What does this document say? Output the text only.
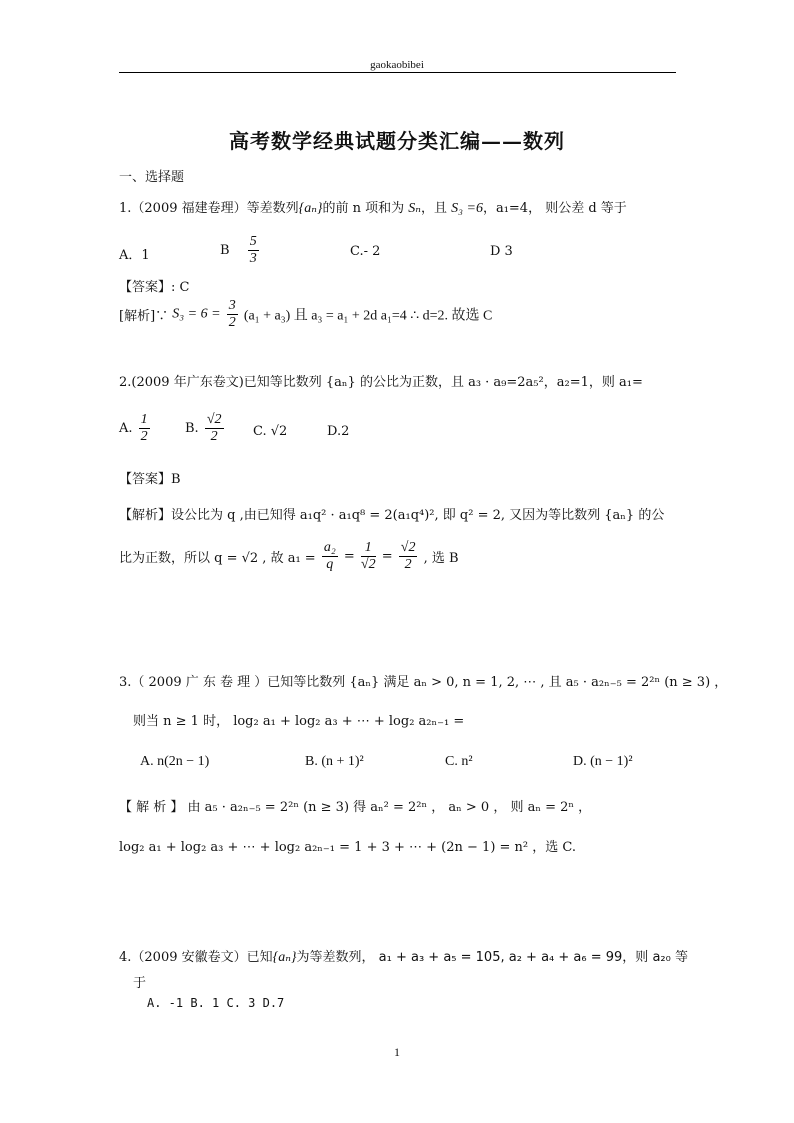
gaokaobibei
高考数学经典试题分类汇编——数列
一、选择题
1.（2009 福建卷理）等差数列{aₙ}的前 n 项和为 Sₙ，且 S₃ =6，a₁=4， 则公差 d 等于
A．1	B $\frac{5}{3}$	C.- 2	D 3
【答案】: C
[解析]∵ $S_3 = 6 = \frac{3}{2} (a_1 + a_3)$ 且 a₃ = a₁ + 2d a₁=4 ∴ d=2. 故选 C
2.(2009 年广东卷文)已知等比数列 {aₙ} 的公比为正数，且 a₃ · a₉=2a₅²，a₂=1，则 a₁=
A. $\frac{1}{2}$	B. $\frac{√2}{2} C$. √2	D.2
【答案】B
【解析】设公比为 q ,由已知得 a₁q² · a₁q⁸ = 2(a₁q⁴)², 即 q² = 2, 又因为等比数列 {aₙ} 的公
比为正数，所以 q = √2 , 故 $a_1 = \frac{\text{a₂}}{q} = \frac{1}{√2} = \frac{√2}{2}$ , 选 B
3.（ 2009 广 东 卷 理 ）已知等比数列 {aₙ} 满足 aₙ > 0, n = 1, 2, ⋯ , 且 a₅ · a₂ₙ₋₅ = 2²ⁿ (n ≥ 3) ，
则当 n ≥ 1 时， log₂ a₁ + log₂ a₃ + ⋯ + log₂ a₂ₙ₋₁ =
A. n(2n − 1)	B. (n + 1)²	C. n²	D. (n − 1)²
【 解 析 】 由 a₅ · a₂ₙ₋₅ = 2²ⁿ (n ≥ 3) 得 aₙ² = 2²ⁿ ， aₙ > 0 ， 则 aₙ = 2ⁿ ，
log₂ a₁ + log₂ a₃ + ⋯ + log₂ a₂ₙ₋₁ = 1 + 3 + ⋯ + (2n − 1) = n² ，选 C.
4.（2009 安徽卷文）已知{aₙ}为等差数列， a₁ + a₃ + a₅ = 105, a₂ + a₄ + a₆ = 99，则 a₂₀ 等
于
A. -1 B. 1 C. 3 D.7
1
